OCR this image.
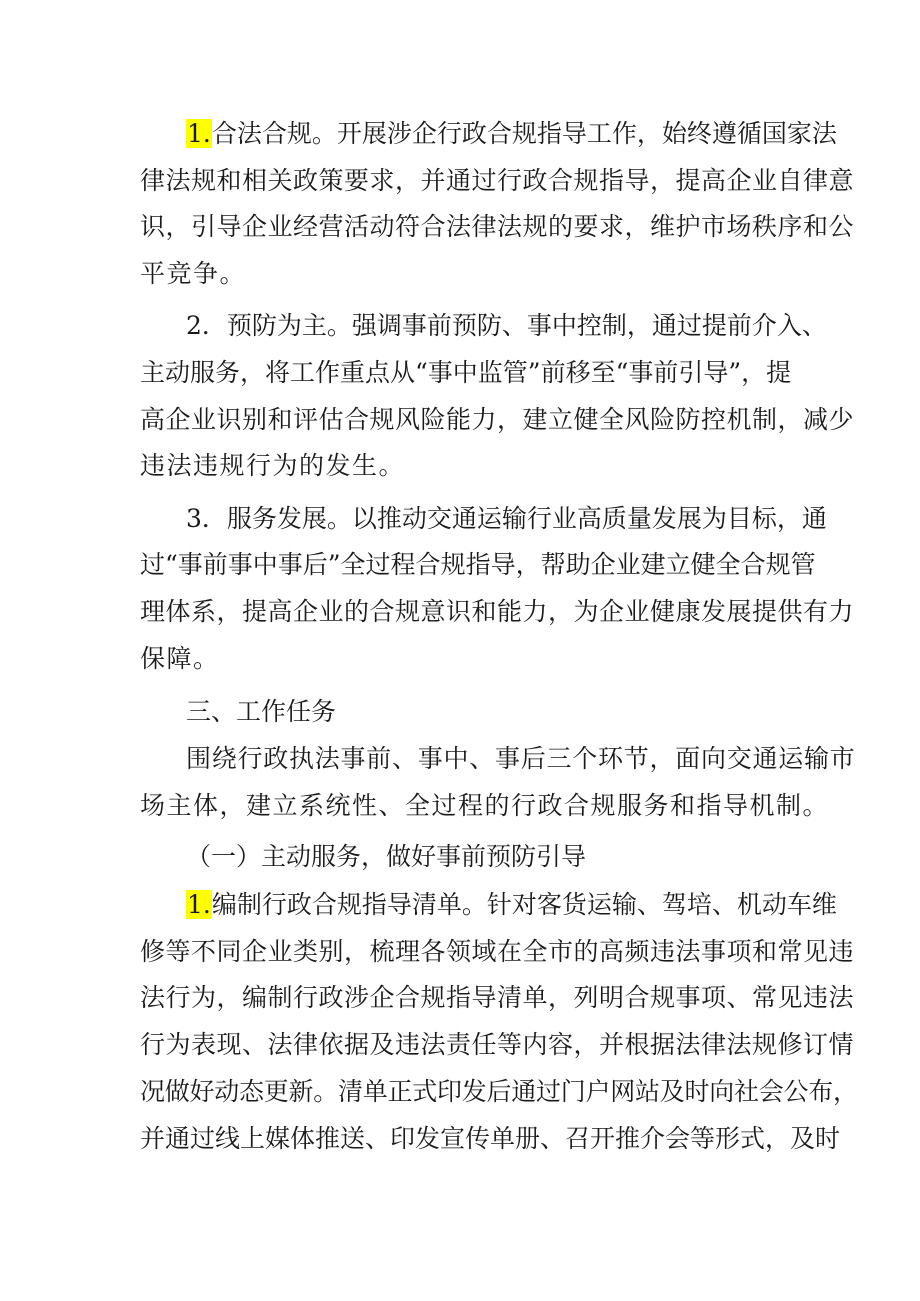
1.合法合规。开展涉企行政合规指导工作，始终遵循国家法
律法规和相关政策要求，并通过行政合规指导，提高企业自律意
识，引导企业经营活动符合法律法规的要求，维护市场秩序和公
平竞争。
2．预防为主。强调事前预防、事中控制，通过提前介入、
主动服务，将工作重点从“事中监管”前移至“事前引导”，提
高企业识别和评估合规风险能力，建立健全风险防控机制，减少
违法违规行为的发生。
3．服务发展。以推动交通运输行业高质量发展为目标，通
过“事前事中事后”全过程合规指导，帮助企业建立健全合规管
理体系，提高企业的合规意识和能力，为企业健康发展提供有力
保障。
三、工作任务
围绕行政执法事前、事中、事后三个环节，面向交通运输市
场主体，建立系统性、全过程的行政合规服务和指导机制。
（一）主动服务，做好事前预防引导
1.编制行政合规指导清单。针对客货运输、驾培、机动车维
修等不同企业类别，梳理各领域在全市的高频违法事项和常见违
法行为，编制行政涉企合规指导清单，列明合规事项、常见违法
行为表现、法律依据及违法责任等内容，并根据法律法规修订情
况做好动态更新。清单正式印发后通过门户网站及时向社会公布，
并通过线上媒体推送、印发宣传单册、召开推介会等形式，及时
